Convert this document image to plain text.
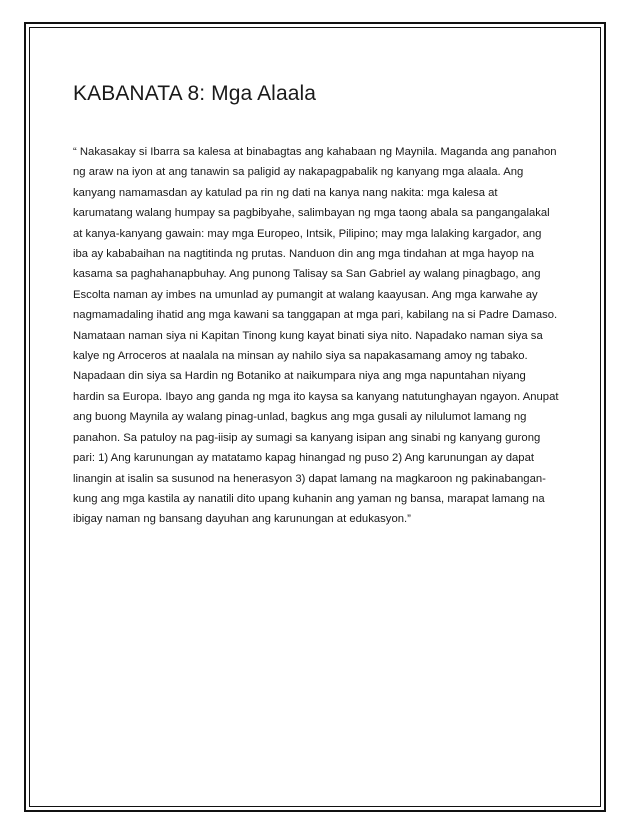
KABANATA 8: Mga Alaala

“ Nakasakay si Ibarra sa kalesa at binabagtas ang kahabaan ng Maynila. Maganda ang panahon
ng araw na iyon at ang tanawin sa paligid ay nakapagpabalik ng kanyang mga alaala. Ang
kanyang namamasdan ay katulad pa rin ng dati na kanya nang nakita: mga kalesa at
karumatang walang humpay sa pagbibyahe, salimbayan ng mga taong abala sa pangangalakal
at kanya-kanyang gawain: may mga Europeo, Intsik, Pilipino; may mga lalaking kargador, ang
iba ay kababaihan na nagtitinda ng prutas. Nanduon din ang mga tindahan at mga hayop na
kasama sa paghahanapbuhay. Ang punong Talisay sa San Gabriel ay walang pinagbago, ang
Escolta naman ay imbes na umunlad ay pumangit at walang kaayusan. Ang mga karwahe ay
nagmamadaling ihatid ang mga kawani sa tanggapan at mga pari, kabilang na si Padre Damaso.
Namataan naman siya ni Kapitan Tinong kung kayat binati siya nito. Napadako naman siya sa
kalye ng Arroceros at naalala na minsan ay nahilo siya sa napakasamang amoy ng tabako.
Napadaan din siya sa Hardin ng Botaniko at naikumpara niya ang mga napuntahan niyang
hardin sa Europa. Ibayo ang ganda ng mga ito kaysa sa kanyang natutunghayan ngayon. Anupat
ang buong Maynila ay walang pinag-unlad, bagkus ang mga gusali ay nilulumot lamang ng
panahon. Sa patuloy na pag-iisip ay sumagi sa kanyang isipan ang sinabi ng kanyang gurong
pari: 1) Ang karunungan ay matatamo kapag hinangad ng puso 2) Ang karunungan ay dapat
linangin at isalin sa susunod na henerasyon 3) dapat lamang na magkaroon ng pakinabangan-
kung ang mga kastila ay nanatili dito upang kuhanin ang yaman ng bansa, marapat lamang na
ibigay naman ng bansang dayuhan ang karunungan at edukasyon.”
